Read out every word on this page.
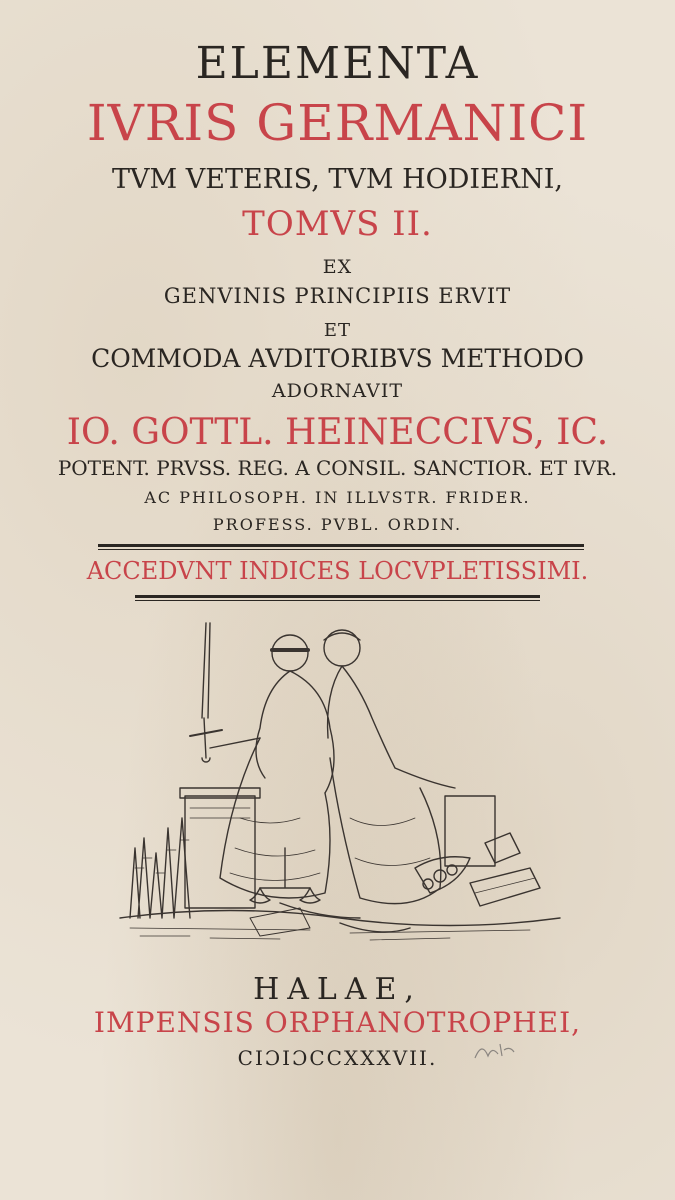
ELEMENTA
IVRIS GERMANICI
TVM VETERIS, TVM HODIERNI,
TOMVS II.
EX
GENVINIS PRINCIPIIS ERVIT
ET
COMMODA AVDITORIBVS METHODO
ADORNAVIT
IO. GOTTL. HEINECCIVS, IC.
POTENT. PRVSS. REG. A CONSIL. SANCTIOR. ET IVR.
AC PHILOSOPH. IN ILLVSTR. FRIDER.
PROFESS. PVBL. ORDIN.
ACCEDVNT INDICES LOCVPLETISSIMI.
HALAE,
IMPENSIS ORPHANOTROPHEI,
CIƆIƆCCXXXVII.
